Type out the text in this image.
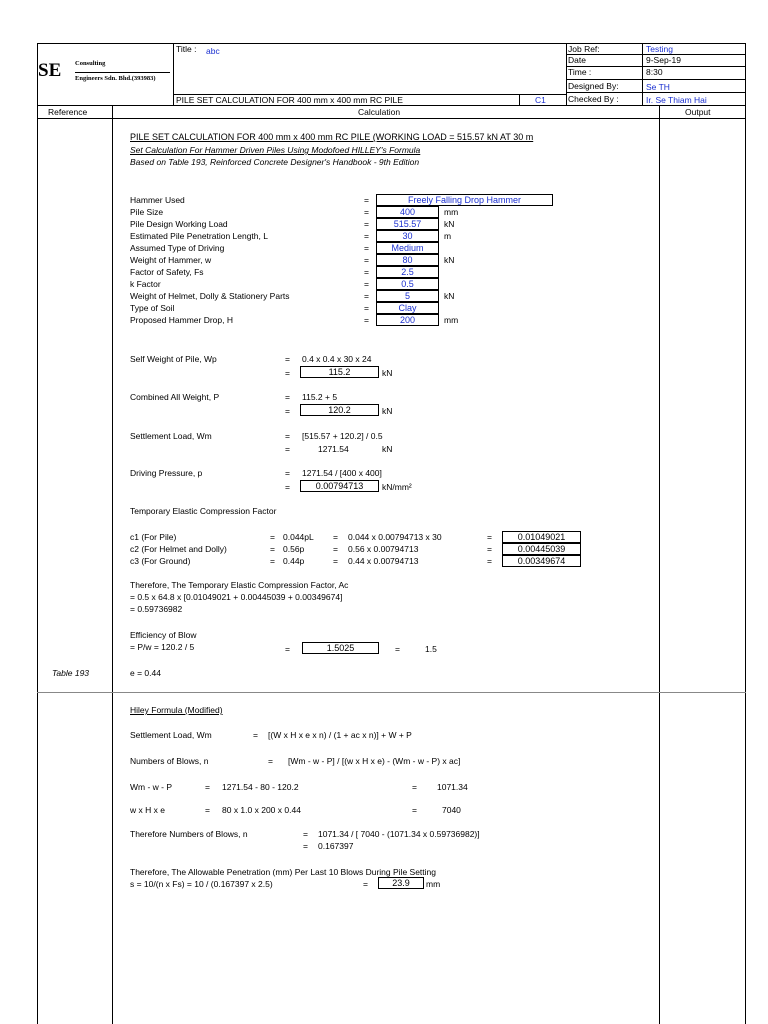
SE Consulting
Engineers Sdn. Bhd.(393983)
Title : abc
PILE SET CALCULATION FOR 400 mm x 400 mm RC PILE	C1
Job Ref:	Testing
Date	9-Sep-19
Time :	8:30
Designed By:	Se TH
Checked By :	Ir. Se Thiam Hai
Reference	Calculation	Output
PILE SET CALCULATION FOR 400 mm x 400 mm RC PILE (WORKING LOAD = 515.57 kN AT 30 m
Set Calculation For Hammer Driven Piles Using Modofoed HILLEY's Formula
Based on Table 193, Reinforced Concrete Designer's Handbook - 9th Edition
Hammer Used	=	Freely Falling Drop Hammer
Pile Size	=	400	mm
Pile Design Working Load	=	515.57	kN
Estimated Pile Penetration Length, L	=	30	m
Assumed Type of Driving	=	Medium
Weight of Hammer, w	=	80	kN
Factor of Safety, Fs	=	2.5
k Factor	=	0.5
Weight of Helmet, Dolly & Stationery Parts	=	5	kN
Type of Soil	=	Clay
Proposed Hammer Drop, H	=	200	mm
Self Weight of Pile, Wp	= 0.4 x 0.4 x 30 x 24
=	115.2	kN
Combined All Weight, P	= 115.2 + 5
=	120.2	kN
Settlement Load, Wm	= [515.57 + 120.2] / 0.5
=	1271.54	kN
Driving Pressure, p	= 1271.54 / [400 x 400]
=	0.00794713	kN/mm²
Temporary Elastic Compression Factor
c1 (For Pile)	= 0.044pL = 0.044 x 0.00794713 x 30	=	0.01049021
c2 (For Helmet and Dolly)	= 0.56p	= 0.56 x 0.00794713	=	0.00445039
c3 (For Ground)	= 0.44p	= 0.44 x 0.00794713	=	0.00349674
Therefore, The Temporary Elastic Compression Factor, Ac
= 0.5 x 64.8 x [0.01049021 + 0.00445039 + 0.00349674]
= 0.59736982
Efficiency of Blow
= P/w = 120.2 / 5	=	1.5025	=	1.5
Table 193	e = 0.44
Hiley Formula (Modified)
Settlement Load, Wm	= [(W x H x e x n) / (1 + ac x n)] + W + P
Numbers of Blows, n	= [Wm - w - P] / [(w x H x e) - (Wm - w - P) x ac]
Wm - w - P	= 1271.54 - 80 - 120.2	= 1071.34
w x H x e	= 80 x 1.0 x 200 x 0.44	=	7040
Therefore Numbers of Blows, n	= 1071.34 / [ 7040 - (1071.34 x 0.59736982)]
= 0.167397
Therefore, The Allowable Penetration (mm) Per Last 10 Blows During Pile Setting
s = 10/(n x Fs) = 10 / (0.167397 x 2.5)	=	23.9	mm
